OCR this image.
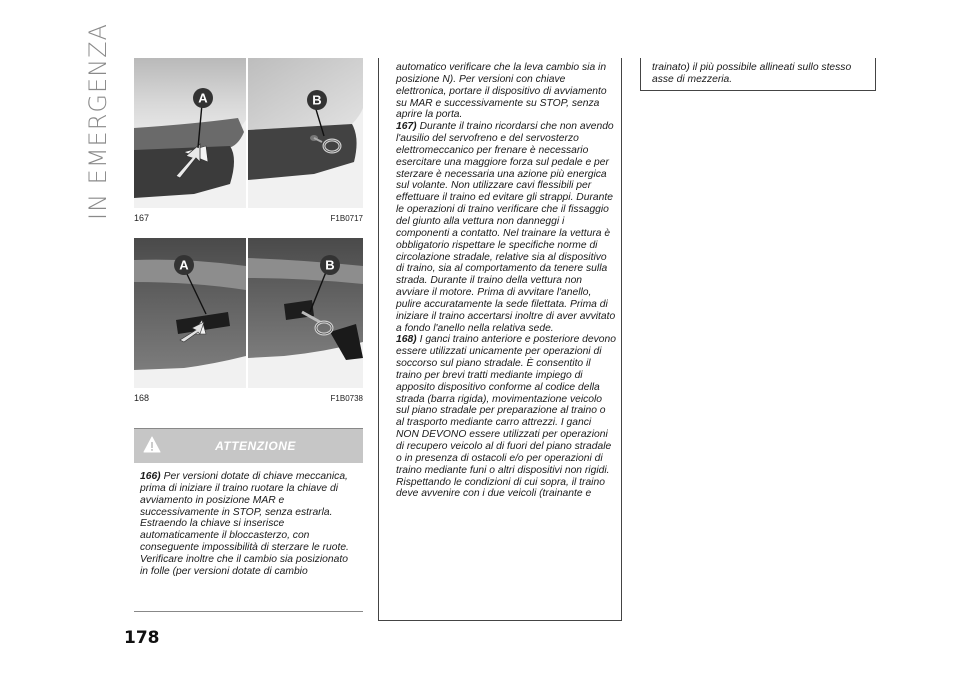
IN EMERGENZA	A	B
167	F1B0717
A	B
168	F1B0738
ATTENZIONE

166) Per versioni dotate di chiave meccanica, prima di iniziare il traino ruotare la chiave di avviamento in posizione MAR e successivamente in STOP, senza estrarla. Estraendo la chiave si inserisce automaticamente il bloccasterzo, con conseguente impossibilità di sterzare le ruote. Verificare inoltre che il cambio sia posizionato in folle (per versioni dotate di cambio

automatico verificare che la leva cambio sia in posizione N). Per versioni con chiave elettronica, portare il dispositivo di avviamento su MAR e successivamente su STOP, senza aprire la porta.

167) Durante il traino ricordarsi che non avendo l'ausilio del servofreno e del servosterzo elettromeccanico per frenare è necessario esercitare una maggiore forza sul pedale e per sterzare è necessaria una azione più energica sul volante. Non utilizzare cavi flessibili per effettuare il traino ed evitare gli strappi. Durante le operazioni di traino verificare che il fissaggio del giunto alla vettura non danneggi i componenti a contatto. Nel trainare la vettura è obbligatorio rispettare le specifiche norme di circolazione stradale, relative sia al dispositivo di traino, sia al comportamento da tenere sulla strada. Durante il traino della vettura non avviare il motore. Prima di avvitare l'anello, pulire accuratamente la sede filettata. Prima di iniziare il traino accertarsi inoltre di aver avvitato a fondo l'anello nella relativa sede.

168) I ganci traino anteriore e posteriore devono essere utilizzati unicamente per operazioni di soccorso sul piano stradale. È consentito il traino per brevi tratti mediante impiego di apposito dispositivo conforme al codice della strada (barra rigida), movimentazione veicolo sul piano stradale per preparazione al traino o al trasporto mediante carro attrezzi. I ganci NON DEVONO essere utilizzati per operazioni di recupero veicolo al di fuori del piano stradale o in presenza di ostacoli e/o per operazioni di traino mediante funi o altri dispositivi non rigidi. Rispettando le condizioni di cui sopra, il traino deve avvenire con i due veicoli (trainante e

trainato) il più possibile allineati sullo stesso asse di mezzeria.

178
